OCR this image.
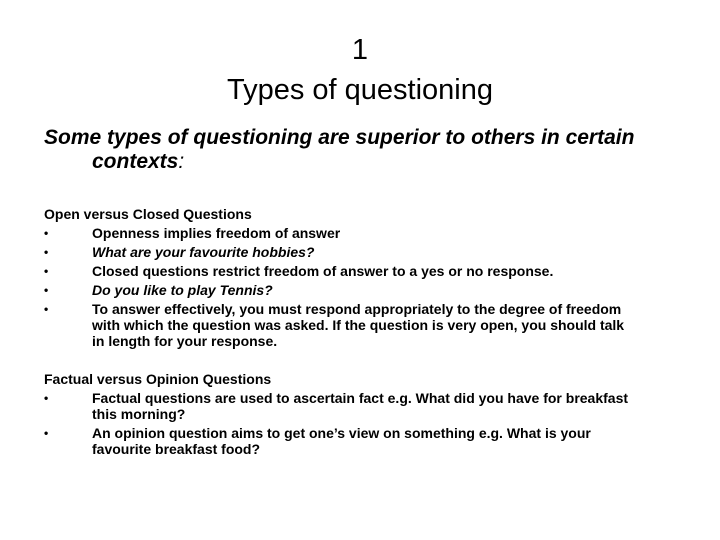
1
Types of questioning
Some types of questioning are superior to others in certain contexts:
Open versus Closed Questions
•	Openness implies freedom of answer
•	What are your favourite hobbies?
•	Closed questions restrict freedom of answer to a yes or no response.
•	Do you like to play Tennis?
•	To answer effectively, you must respond appropriately to the degree of freedom with which the question was asked. If the question is very open, you should talk in length for your response.
Factual versus Opinion Questions
•	Factual questions are used to ascertain fact e.g. What did you have for breakfast this morning?
•	An opinion question aims to get one’s view on something e.g. What is your favourite breakfast food?
